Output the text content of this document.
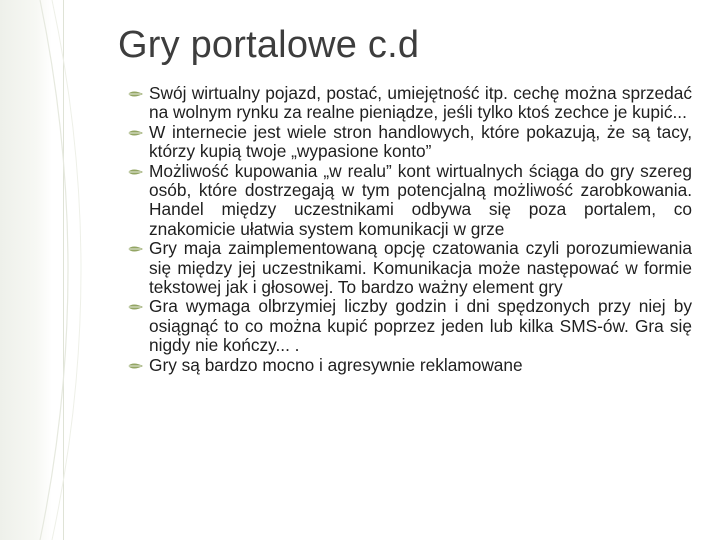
Gry portalowe c.d
Swój wirtualny pojazd, postać, umiejętność itp. cechę można sprzedać na wolnym rynku za realne pieniądze, jeśli tylko ktoś zechce je kupić...
W internecie jest wiele stron handlowych, które pokazują, że są tacy, którzy kupią twoje „wypasione konto”
Możliwość kupowania „w realu” kont wirtualnych ściąga do gry szereg osób, które dostrzegają w tym potencjalną możliwość zarobkowania. Handel między uczestnikami odbywa się poza portalem, co znakomicie ułatwia system komunikacji w grze
Gry maja zaimplementowaną opcję czatowania czyli porozumiewania się między jej uczestnikami. Komunikacja może następować w formie tekstowej jak i głosowej. To bardzo ważny element gry
Gra wymaga olbrzymiej liczby godzin i dni spędzonych przy niej by osiągnąć to co można kupić poprzez jeden lub kilka SMS-ów. Gra się nigdy nie kończy... .
Gry są bardzo mocno i agresywnie reklamowane
